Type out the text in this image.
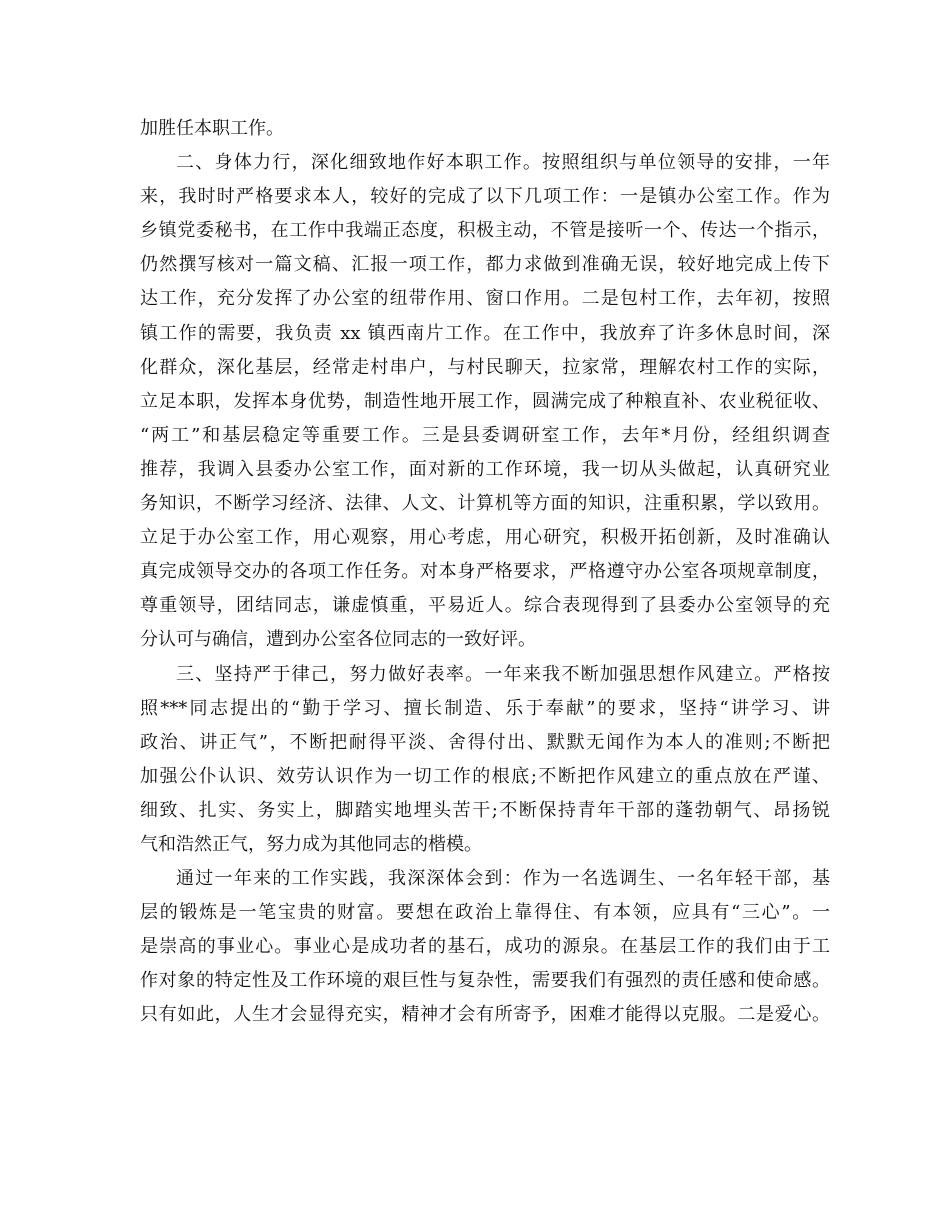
加胜任本职工作。
二、身体力行，深化细致地作好本职工作。按照组织与单位领导的安排，一年
来，我时时严格要求本人，较好的完成了以下几项工作：一是镇办公室工作。作为
乡镇党委秘书，在工作中我端正态度，积极主动，不管是接听一个、传达一个指示，
仍然撰写核对一篇文稿、汇报一项工作，都力求做到准确无误，较好地完成上传下
达工作，充分发挥了办公室的纽带作用、窗口作用。二是包村工作，去年初，按照
镇工作的需要，我负责 xx 镇西南片工作。在工作中，我放弃了许多休息时间，深
化群众，深化基层，经常走村串户，与村民聊天，拉家常，理解农村工作的实际，
立足本职，发挥本身优势，制造性地开展工作，圆满完成了种粮直补、农业税征收、
“两工”和基层稳定等重要工作。三是县委调研室工作，去年*月份，经组织调查
推荐，我调入县委办公室工作，面对新的工作环境，我一切从头做起，认真研究业
务知识，不断学习经济、法律、人文、计算机等方面的知识，注重积累，学以致用。
立足于办公室工作，用心观察，用心考虑，用心研究，积极开拓创新，及时准确认
真完成领导交办的各项工作任务。对本身严格要求，严格遵守办公室各项规章制度，
尊重领导，团结同志，谦虚慎重，平易近人。综合表现得到了县委办公室领导的充
分认可与确信，遭到办公室各位同志的一致好评。
三、坚持严于律己，努力做好表率。一年来我不断加强思想作风建立。严格按
照***同志提出的“勤于学习、擅长制造、乐于奉献”的要求，坚持“讲学习、讲
政治、讲正气”，不断把耐得平淡、舍得付出、默默无闻作为本人的准则;不断把
加强公仆认识、效劳认识作为一切工作的根底;不断把作风建立的重点放在严谨、
细致、扎实、务实上，脚踏实地埋头苦干;不断保持青年干部的蓬勃朝气、昂扬锐
气和浩然正气，努力成为其他同志的楷模。
通过一年来的工作实践，我深深体会到：作为一名选调生、一名年轻干部，基
层的锻炼是一笔宝贵的财富。要想在政治上靠得住、有本领，应具有“三心”。一
是崇高的事业心。事业心是成功者的基石，成功的源泉。在基层工作的我们由于工
作对象的特定性及工作环境的艰巨性与复杂性，需要我们有强烈的责任感和使命感。
只有如此，人生才会显得充实，精神才会有所寄予，困难才能得以克服。二是爱心。
